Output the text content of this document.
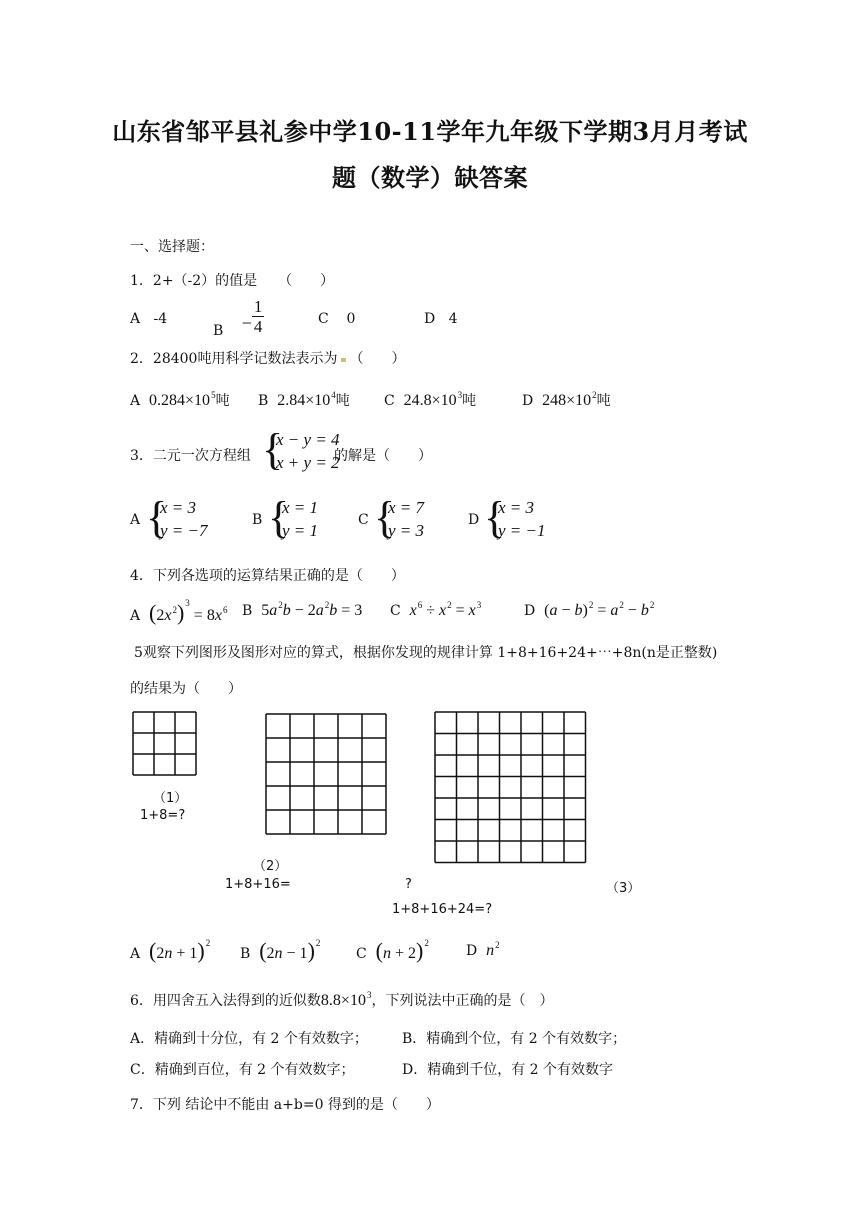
山东省邹平县礼参中学10-11学年九年级下学期3月月考试
题（数学）缺答案
一、选择题：
1．2+（-2）的值是　　（　　）
A -4
$B - \frac{1}{4}$	C 0	D 4
2．28400吨用科学记数法表示为 （　　）
A $0.284\times 10^5$吨 B $2.84\times 10^4$吨 C $24.8\times 10^3$吨	D $248\times 10^2$吨
3．二元一次方程组 {
x − y = 4
x + y = 2
的解是（　　）
A {
x = 3
y = −7
B {
x = 1
y = 1
C {
x = 7
y = 3
D {
x = 3
y = −1
4．下列各选项的运算结果正确的是（　　）
A $(2x^2)^3 = 8x^6$ B $5a^2b - 2a^2b = 3$ C $x^6 \div x^2 = x^3$	D $(a - b)^2 = a^2 - b^2$
5观察下列图形及图形对应的算式，根据你发现的规律计算 1+8+16+24+⋯+8n(n是正整数)
的结果为（　　）
（1）
1+8=?
（2）
1+8+16=	?	（3）
1+8+16+24=?
A $(2n + 1)^2$
B $(2n - 1)^2$
C $(n + 2)^2$	D $n^2$
6．用四舍五入法得到的近似数$8.8\times 10^3$，下列说法中正确的是（　）
A．精确到十分位，有 2 个有效数字； B．精确到个位，有 2 个有效数字；
C．精确到百位，有 2 个有效数字；	D．精确到千位，有 2 个有效数字
7．下列 结论中不能由 a+b=0 得到的是（　　）
